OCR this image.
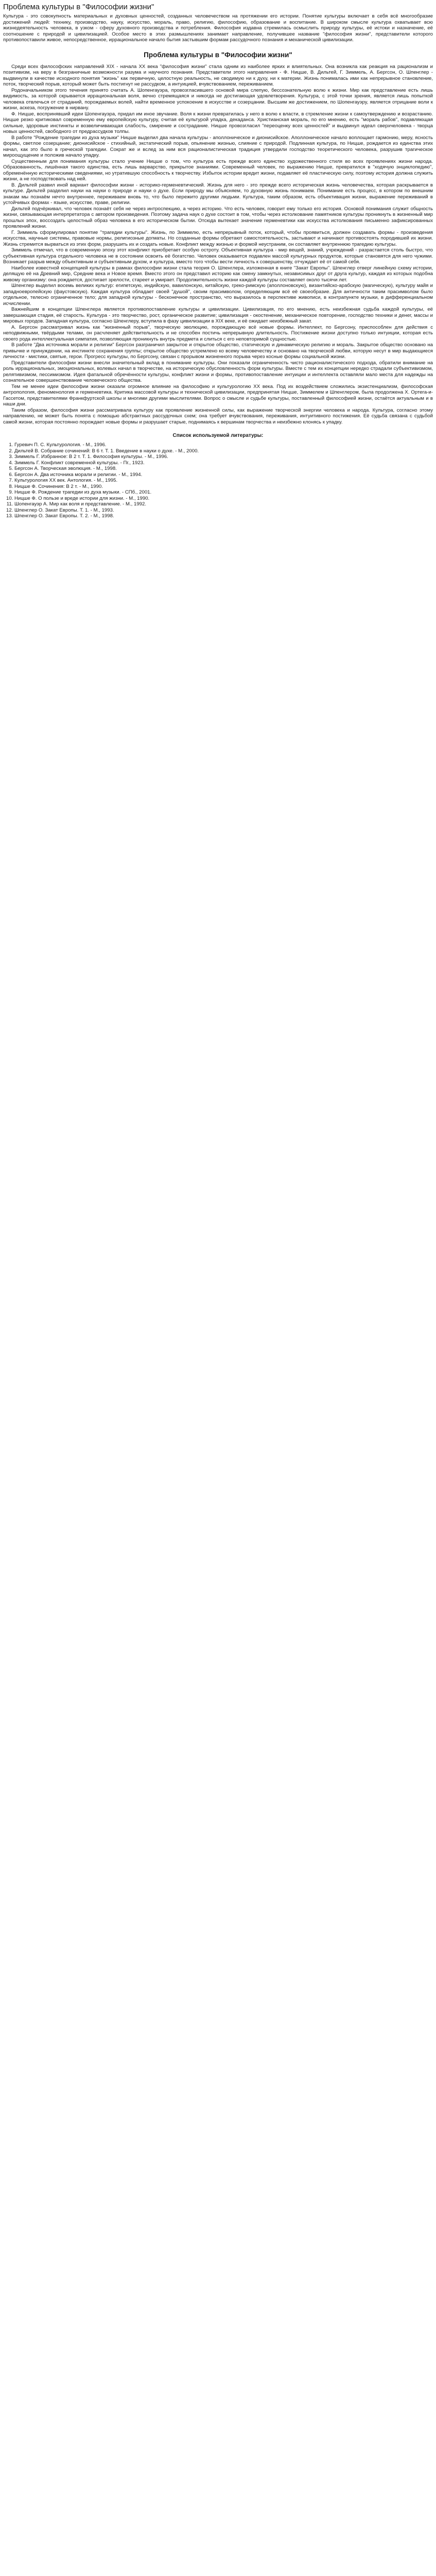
Проблема культуры в "Философии жизни"

Культура - это совокупность материальных и духовных ценностей, созданных человечеством на протяжении его истории. Понятие культуры включает в себя всё многообразие достижений людей: технику, производство, науку, искусство, мораль, право, религию, философию, образование и воспитание. В широком смысле культура охватывает всю жизнедеятельность человека, в узком - сферу духовного производства и потребления. Философия издавна стремилась осмыслить природу культуры, её истоки и назначение, её соотношение с природой и цивилизацией. Особое место в этих размышлениях занимает направление, получившее название "философия жизни", представители которого противопоставили живое, непосредственное, иррациональное начало бытия застывшим формам рассудочного познания и механической цивилизации.

Проблема культуры в "Философии жизни"

Среди всех философских направлений XIX - начала XX века "философия жизни" стала одним из наиболее ярких и влиятельных. Она возникла как реакция на рационализм и позитивизм, на веру в безграничные возможности разума и научного познания. Представители этого направления - Ф. Ницше, В. Дильтей, Г. Зиммель, А. Бергсон, О. Шпенглер - выдвинули в качестве исходного понятия "жизнь" как первичную, целостную реальность, не сводимую ни к духу, ни к материи. Жизнь понималась ими как непрерывное становление, поток, творческий порыв, который может быть постигнут не рассудком, а интуицией, вчувствованием, переживанием.

Родоначальником этого течения принято считать А. Шопенгауэра, провозгласившего основой мира слепую, бессознательную волю к жизни. Мир как представление есть лишь видимость, за которой скрывается иррациональная воля, вечно стремящаяся и никогда не достигающая удовлетворения. Культура, с этой точки зрения, является лишь попыткой человека отвлечься от страданий, порождаемых волей, найти временное успокоение в искусстве и созерцании. Высшим же достижением, по Шопенгауэру, является отрицание воли к жизни, аскеза, погружение в нирвану.

Ф. Ницше, воспринявший идеи Шопенгауэра, придал им иное звучание. Воля к жизни превратилась у него в волю к власти, в стремление жизни к самоутверждению и возрастанию. Ницше резко критиковал современную ему европейскую культуру, считая её культурой упадка, декаданса. Христианская мораль, по его мнению, есть "мораль рабов", подавляющая сильные, здоровые инстинкты и возвеличивающая слабость, смирение и сострадание. Ницше провозгласил "переоценку всех ценностей" и выдвинул идеал сверхчеловека - творца новых ценностей, свободного от предрассудков толпы.

В работе "Рождение трагедии из духа музыки" Ницше выделил два начала культуры - аполлоническое и дионисийское. Аполлоническое начало воплощает гармонию, меру, ясность формы, светлое созерцание; дионисийское - стихийный, экстатический порыв, опьянение жизнью, слияние с природой. Подлинная культура, по Ницше, рождается из единства этих начал, как это было в греческой трагедии. Сократ же и вслед за ним вся рационалистическая традиция утвердили господство теоретического человека, разрушив трагическое мироощущение и положив начало упадку.

Существенным для понимания культуры стало учение Ницше о том, что культура есть прежде всего единство художественного стиля во всех проявлениях жизни народа. Образованность, лишённая такого единства, есть лишь варварство, прикрытое знаниями. Современный человек, по выражению Ницше, превратился в "ходячую энциклопедию", обременённую историческими сведениями, но утратившую способность к творчеству. Избыток истории вредит жизни, подавляет её пластическую силу, поэтому история должна служить жизни, а не господствовать над ней.

В. Дильтей развил иной вариант философии жизни - историко-герменевтический. Жизнь для него - это прежде всего историческая жизнь человечества, которая раскрывается в культуре. Дильтей разделил науки на науки о природе и науки о духе. Если природу мы объясняем, то духовную жизнь понимаем. Понимание есть процесс, в котором по внешним знакам мы познаём нечто внутреннее, переживаем вновь то, что было пережито другими людьми. Культура, таким образом, есть объективация жизни, выражение переживаний в устойчивых формах - языке, искусстве, праве, религии.

Дильтей подчёркивал, что человек познаёт себя не через интроспекцию, а через историю. Что есть человек, говорит ему только его история. Основой понимания служит общность жизни, связывающая интерпретатора с автором произведения. Поэтому задача наук о духе состоит в том, чтобы через истолкование памятников культуры проникнуть в жизненный мир прошлых эпох, воссоздать целостный образ человека в его историческом бытии. Отсюда вытекает значение герменевтики как искусства истолкования письменно зафиксированных проявлений жизни.

Г. Зиммель сформулировал понятие "трагедии культуры". Жизнь, по Зиммелю, есть непрерывный поток, который, чтобы проявиться, должен создавать формы - произведения искусства, научные системы, правовые нормы, религиозные догматы. Но созданные формы обретают самостоятельность, застывают и начинают противостоять породившей их жизни. Жизнь стремится вырваться из этих форм, разрушить их и создать новые. Конфликт между жизнью и формой неустраним, он составляет внутреннюю трагедию культуры.

Зиммель отмечал, что в современную эпоху этот конфликт приобретает особую остроту. Объективная культура - мир вещей, знаний, учреждений - разрастается столь быстро, что субъективная культура отдельного человека не в состоянии освоить её богатство. Человек оказывается подавлен массой культурных продуктов, которые становятся для него чужими. Возникает разрыв между объективным и субъективным духом, и культура, вместо того чтобы вести личность к совершенству, отчуждает её от самой себя.

Наиболее известной концепцией культуры в рамках философии жизни стала теория О. Шпенглера, изложенная в книге "Закат Европы". Шпенглер отверг линейную схему истории, делящую её на Древний мир, Средние века и Новое время. Вместо этого он представил историю как смену замкнутых, независимых друг от друга культур, каждая из которых подобна живому организму: она рождается, достигает зрелости, стареет и умирает. Продолжительность жизни каждой культуры составляет около тысячи лет.

Шпенглер выделил восемь великих культур: египетскую, индийскую, вавилонскую, китайскую, греко-римскую (аполлоновскую), византийско-арабскую (магическую), культуру майя и западноевропейскую (фаустовскую). Каждая культура обладает своей "душой", своим прасимволом, определяющим всё её своеобразие. Для античности таким прасимволом было отдельное, телесно ограниченное тело; для западной культуры - бесконечное пространство, что выразилось в перспективе живописи, в контрапункте музыки, в дифференциальном исчислении.

Важнейшим в концепции Шпенглера является противопоставление культуры и цивилизации. Цивилизация, по его мнению, есть неизбежная судьба каждой культуры, её завершающая стадия, её старость. Культура - это творчество, рост, органическое развитие; цивилизация - окостенение, механическое повторение, господство техники и денег, массы и мировых городов. Западная культура, согласно Шпенглеру, вступила в фазу цивилизации в XIX веке, и её ожидает неизбежный закат.

А. Бергсон рассматривал жизнь как "жизненный порыв", творческую эволюцию, порождающую всё новые формы. Интеллект, по Бергсону, приспособлен для действия с неподвижными, твёрдыми телами, он расчленяет действительность и не способен постичь непрерывную длительность. Постижение жизни доступно только интуиции, которая есть своего рода интеллектуальная симпатия, позволяющая проникнуть внутрь предмета и слиться с его неповторимой сущностью.

В работе "Два источника морали и религии" Бергсон разграничил закрытое и открытое общество, статическую и динамическую религию и мораль. Закрытое общество основано на привычке и принуждении, на инстинкте сохранения группы; открытое общество устремлено ко всему человечеству и основано на творческой любви, которую несут в мир выдающиеся личности - мистики, святые, герои. Прогресс культуры, по Бергсону, связан с прорывом жизненного порыва через косные формы социальной жизни.

Представители философии жизни внесли значительный вклад в понимание культуры. Они показали ограниченность чисто рационалистического подхода, обратили внимание на роль иррациональных, эмоциональных, волевых начал в творчестве, на историческую обусловленность форм культуры. Вместе с тем их концепции нередко страдали субъективизмом, релятивизмом, пессимизмом. Идея фатальной обречённости культуры, конфликт жизни и формы, противопоставление интуиции и интеллекта оставляли мало места для надежды на сознательное совершенствование человеческого общества.

Тем не менее идеи философии жизни оказали огромное влияние на философию и культурологию XX века. Под их воздействием сложились экзистенциализм, философская антропология, феноменология и герменевтика. Критика массовой культуры и технической цивилизации, предпринятая Ницше, Зиммелем и Шпенглером, была продолжена Х. Ортега-и-Гассетом, представителями Франкфуртской школы и многими другими мыслителями. Вопрос о смысле и судьбе культуры, поставленный философией жизни, остаётся актуальным и в наши дни.

Таким образом, философия жизни рассматривала культуру как проявление жизненной силы, как выражение творческой энергии человека и народа. Культура, согласно этому направлению, не может быть понята с помощью абстрактных рассудочных схем; она требует вчувствования, переживания, интуитивного постижения. Её судьба связана с судьбой самой жизни, которая постоянно порождает новые формы и разрушает старые, поднимаясь к вершинам творчества и неизбежно клонясь к упадку.

Список используемой литературы:
1. Гуревич П. С. Культурология. - М., 1996.
2. Дильтей В. Собрание сочинений: В 6 т. Т. 1. Введение в науки о духе. - М., 2000.
3. Зиммель Г. Избранное: В 2 т. Т. 1. Философия культуры. - М., 1996.
4. Зиммель Г. Конфликт современной культуры. - Пг., 1923.
5. Бергсон А. Творческая эволюция. - М., 1998.
6. Бергсон А. Два источника морали и религии. - М., 1994.
7. Культурология XX век. Антология. - М., 1995.
8. Ницше Ф. Сочинения: В 2 т. - М., 1990.
9. Ницше Ф. Рождение трагедии из духа музыки. - СПб., 2001.
10. Ницше Ф. О пользе и вреде истории для жизни. - М., 1990.
11. Шопенгауэр А. Мир как воля и представление. - М., 1992.
12. Шпенглер О. Закат Европы. Т. 1. - М., 1993.
13. Шпенглер О. Закат Европы. Т. 2. - М., 1998.
